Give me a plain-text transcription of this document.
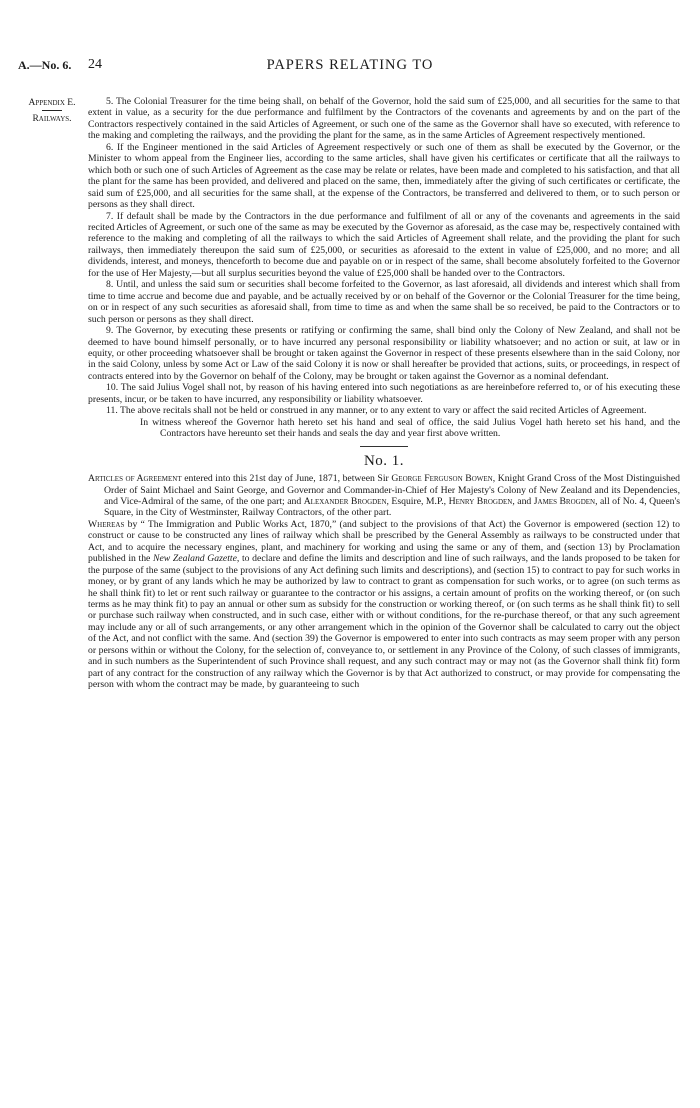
A.—No. 6. 24	PAPERS RELATING TO
Appendix E.
Railways.

5. The Colonial Treasurer for the time being shall, on behalf of the Governor, hold the said sum of £25,000, and all securities for the same to that extent in value, as a security for the due performance and fulfilment by the Contractors of the covenants and agreements by and on the part of the Contractors respectively contained in the said Articles of Agreement, or such one of the same as the Governor shall have so executed, with reference to the making and completing the railways, and the providing the plant for the same, as in the same Articles of Agreement respectively mentioned.

6. If the Engineer mentioned in the said Articles of Agreement respectively or such one of them as shall be executed by the Governor, or the Minister to whom appeal from the Engineer lies, according to the same articles, shall have given his certificates or certificate that all the railways to which both or such one of such Articles of Agreement as the case may be relate or relates, have been made and completed to his satisfaction, and that all the plant for the same has been provided, and delivered and placed on the same, then, immediately after the giving of such certificates or certificate, the said sum of £25,000, and all securities for the same shall, at the expense of the Contractors, be transferred and delivered to them, or to such person or persons as they shall direct.

7. If default shall be made by the Contractors in the due performance and fulfilment of all or any of the covenants and agreements in the said recited Articles of Agreement, or such one of the same as may be executed by the Governor as aforesaid, as the case may be, respectively contained with reference to the making and completing of all the railways to which the said Articles of Agreement shall relate, and the providing the plant for such railways, then immediately thereupon the said sum of £25,000, or securities as aforesaid to the extent in value of £25,000, and no more; and all dividends, interest, and moneys, thenceforth to become due and payable on or in respect of the same, shall become absolutely forfeited to the Governor for the use of Her Majesty,—but all surplus securities beyond the value of £25,000 shall be handed over to the Contractors.

8. Until, and unless the said sum or securities shall become forfeited to the Governor, as last aforesaid, all dividends and interest which shall from time to time accrue and become due and payable, and be actually received by or on behalf of the Governor or the Colonial Treasurer for the time being, on or in respect of any such securities as aforesaid shall, from time to time as and when the same shall be so received, be paid to the Contractors or to such person or persons as they shall direct.

9. The Governor, by executing these presents or ratifying or confirming the same, shall bind only the Colony of New Zealand, and shall not be deemed to have bound himself personally, or to have incurred any personal responsibility or liability whatsoever; and no action or suit, at law or in equity, or other proceeding whatsoever shall be brought or taken against the Governor in respect of these presents elsewhere than in the said Colony, nor in the said Colony, unless by some Act or Law of the said Colony it is now or shall hereafter be provided that actions, suits, or proceedings, in respect of contracts entered into by the Governor on behalf of the Colony, may be brought or taken against the Governor as a nominal defendant.

10. The said Julius Vogel shall not, by reason of his having entered into such negotiations as are hereinbefore referred to, or of his executing these presents, incur, or be taken to have incurred, any responsibility or liability whatsoever.

11. The above recitals shall not be held or construed in any manner, or to any extent to vary or affect the said recited Articles of Agreement.

In witness whereof the Governor hath hereto set his hand and seal of office, the said Julius Vogel hath hereto set his hand, and the Contractors have hereunto set their hands and seals the day and year first above written.

No. 1.

Articles of Agreement entered into this 21st day of June, 1871, between Sir George Ferguson Bowen, Knight Grand Cross of the Most Distinguished Order of Saint Michael and Saint George, and Governor and Commander-in-Chief of Her Majesty's Colony of New Zealand and its Dependencies, and Vice-Admiral of the same, of the one part; and Alexander Brogden, Esquire, M.P., Henry Brogden, and James Brogden, all of No. 4, Queen's Square, in the City of Westminster, Railway Contractors, of the other part.

Whereas by “ The Immigration and Public Works Act, 1870,” (and subject to the provisions of that Act) the Governor is empowered (section 12) to construct or cause to be constructed any lines of railway which shall be prescribed by the General Assembly as railways to be constructed under that Act, and to acquire the necessary engines, plant, and machinery for working and using the same or any of them, and (section 13) by Proclamation published in the New Zealand Gazette, to declare and define the limits and description and line of such railways, and the lands proposed to be taken for the purpose of the same (subject to the provisions of any Act defining such limits and descriptions), and (section 15) to contract to pay for such works in money, or by grant of any lands which he may be authorized by law to contract to grant as compensation for such works, or to agree (on such terms as he shall think fit) to let or rent such railway or guarantee to the contractor or his assigns, a certain amount of profits on the working thereof, or (on such terms as he may think fit) to pay an annual or other sum as subsidy for the construction or working thereof, or (on such terms as he shall think fit) to sell or purchase such railway when constructed, and in such case, either with or without conditions, for the re-purchase thereof, or that any such agreement may include any or all of such arrangements, or any other arrangement which in the opinion of the Governor shall be calculated to carry out the object of the Act, and not conflict with the same. And (section 39) the Governor is empowered to enter into such contracts as may seem proper with any person or persons within or without the Colony, for the selection of, conveyance to, or settlement in any Province of the Colony, of such classes of immigrants, and in such numbers as the Superintendent of such Province shall request, and any such contract may or may not (as the Governor shall think fit) form part of any contract for the construction of any railway which the Governor is by that Act authorized to construct, or may provide for compensating the person with whom the contract may be made, by guaranteeing to such
